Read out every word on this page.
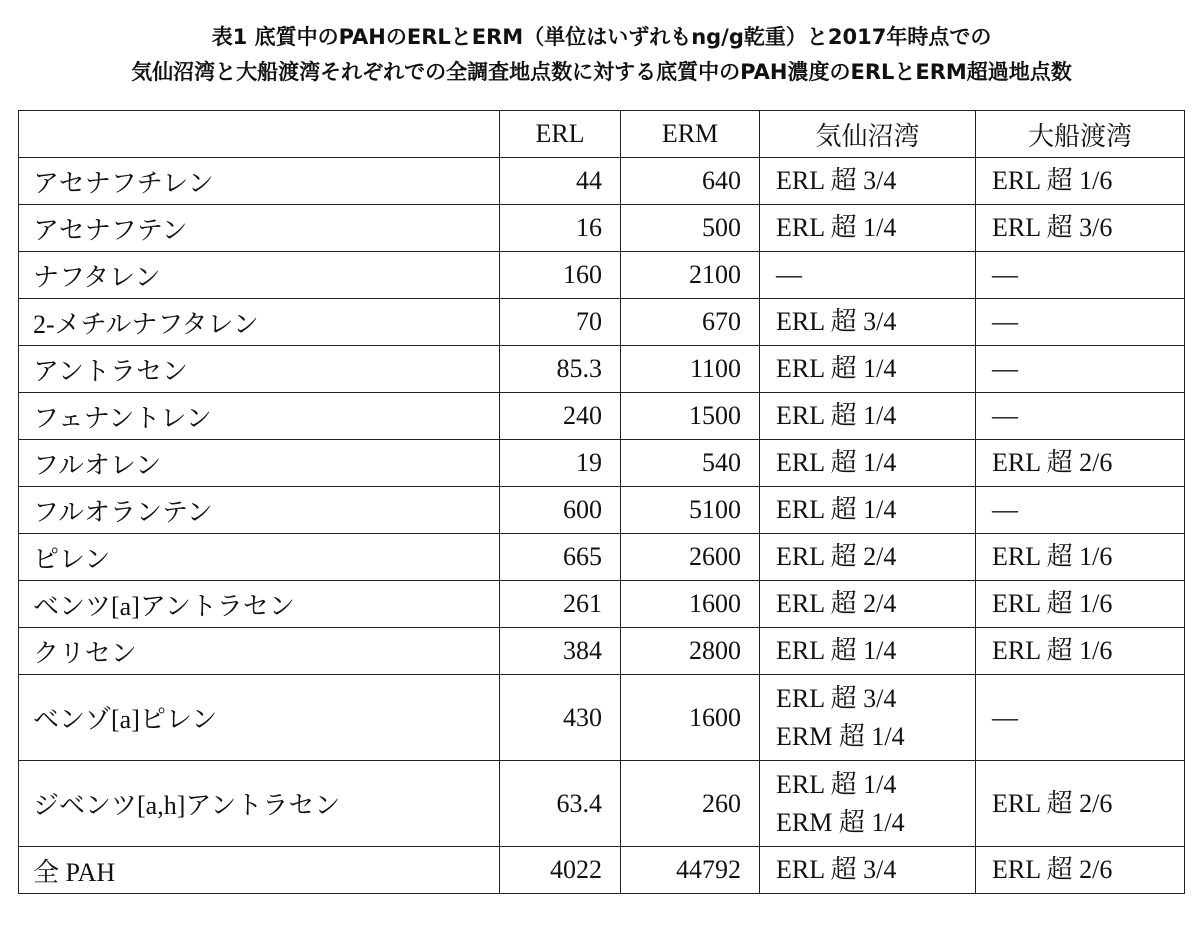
表1 底質中のPAHのERLとERM（単位はいずれもng/g乾重）と2017年時点での
気仙沼湾と大船渡湾それぞれでの全調査地点数に対する底質中のPAH濃度のERLとERM超過地点数
	ERL	ERM	気仙沼湾	大船渡湾
アセナフチレン	44	640	ERL 超 3/4	ERL 超 1/6

アセナフテン	16	500	ERL 超 1/4	ERL 超 3/6

ナフタレン	160	2100	—	—

2-メチルナフタレン	70	670	ERL 超 3/4	—

アントラセン	85.3	1100	ERL 超 1/4	—

フェナントレン	240	1500	ERL 超 1/4	—

フルオレン	19	540	ERL 超 1/4	ERL 超 2/6

フルオランテン	600	5100	ERL 超 1/4	—

ピレン	665	2600	ERL 超 2/4	ERL 超 1/6

ベンツ[a]アントラセン	261	1600	ERL 超 2/4	ERL 超 1/6

クリセン	384	2800	ERL 超 1/4	ERL 超 1/6

ベンゾ[a]ピレン	430	1600	ERL 超 3/4
ERM 超 1/4	—

ジベンツ[a,h]アントラセン	63.4	260	ERL 超 1/4
ERM 超 1/4	ERL 超 2/6

全 PAH	4022	44792	ERL 超 3/4	ERL 超 2/6
